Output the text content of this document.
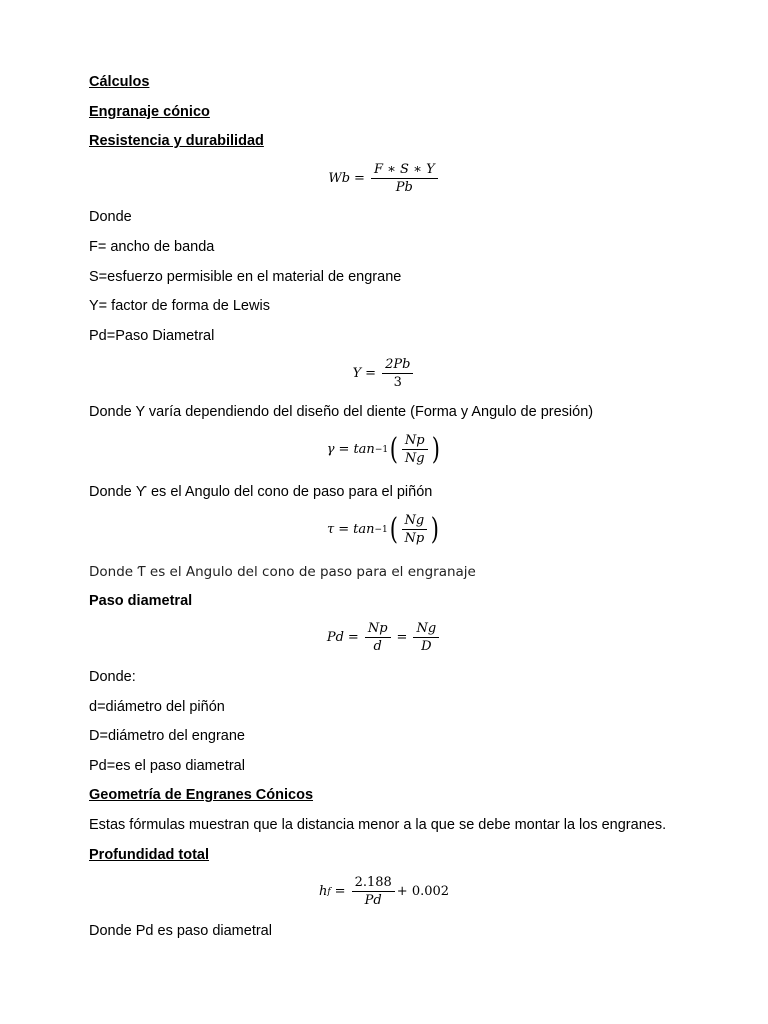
Cálculos
Engranaje cónico
Resistencia y durabilidad
$Wb = \frac{F ∗ S ∗ Y}{Pb}$
Donde
F= ancho de banda
S=esfuerzo permisible en el material de engrane
Y= factor de forma de Lewis
Pd=Paso Diametral
$Y = \frac{2Pb}{3}$
Donde Y varía dependiendo del diseño del diente (Forma y Angulo de presión)
γ = tan −1 ( $\frac{Np}{Ng}$ )
Donde ϒ es el Angulo del cono de paso para el piñón
τ = tan −1 ( $\frac{Ng}{Np}$ )
Donde Ƭ es el Angulo del cono de paso para el engranaje
Paso diametral
$Pd = \frac{Np}{d} = \frac{Ng}{D}$
Donde:
d=diámetro del piñón
D=diámetro del engrane
Pd=es el paso diametral
Geometría de Engranes Cónicos
Estas fórmulas muestran que la distancia menor a la que se debe montar la los engranes.
Profundidad total
h $f = \frac{2.188}{Pd} + 0.002$
Donde Pd es paso diametral
